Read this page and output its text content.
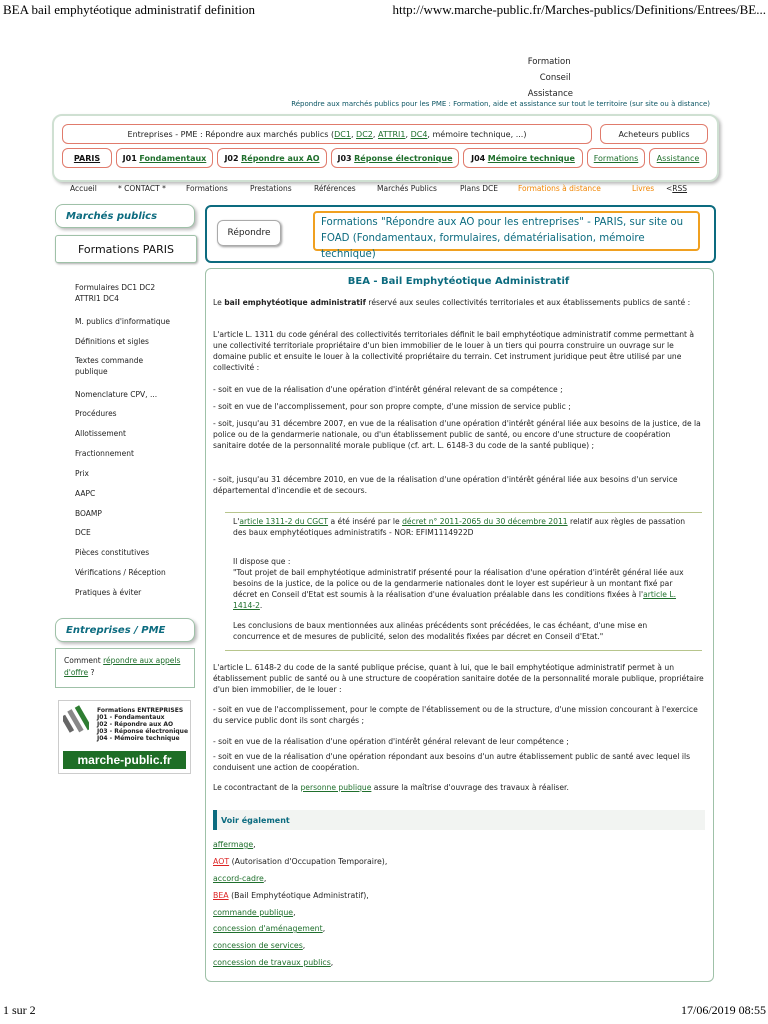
BEA bail emphytéotique administratif definition	http://www.marche-public.fr/Marches-publics/Definitions/Entrees/BE...
1 sur 2	17/06/2019 08:55
Formation
Conseil
Assistance
Répondre aux marchés publics pour les PME : Formation, aide et assistance sur tout le territoire (sur site ou à distance)
Entreprises - PME : Répondre aux marchés publics ( DC1 , DC2 , ATTRI1 , DC4 , mémoire technique, ...)	Acheteurs publics
PARIS	J01
Fondamentaux J02
Répondre aux AO J03
Réponse électronique J04
Mémoire technique Formations Assistance
Accueil	* CONTACT *	Formations	Prestations	Références	Marchés Publics	Plans DCE	Formations à distance	Livres <RSS
Marchés publics
Formations PARIS
Formulaires DC1 DC2 ATTRI1 DC4
M. publics d'informatique
Définitions et sigles
Textes commande publique
Nomenclature CPV, ...
Procédures
Allotissement
Fractionnement
Prix
AAPC
BOAMP
DCE
Pièces constitutives
Vérifications / Réception
Pratiques à éviter
Entreprises / PME
Comment répondre aux appels d'offre ?
Formations ENTREPRISES
J01 - Fondamentaux
J02 - Répondre aux AO
J03 - Réponse électronique
J04 - Mémoire technique
marche-public.fr
Répondre
Formations "Répondre aux AO pour les entreprises" - PARIS, sur site ou FOAD (Fondamentaux, formulaires, dématérialisation, mémoire technique)
BEA - Bail Emphytéotique Administratif
Le bail emphytéotique administratif réservé aux seules collectivités territoriales et aux établissements publics de santé :
L'article L. 1311 du code général des collectivités territoriales définit le bail emphytéotique administratif comme permettant à une collectivité territoriale propriétaire d'un bien immobilier de le louer à un tiers qui pourra construire un ouvrage sur le domaine public et ensuite le louer à la collectivité propriétaire du terrain. Cet instrument juridique peut être utilisé par une collectivité :
- soit en vue de la réalisation d'une opération d'intérêt général relevant de sa compétence ;
- soit en vue de l'accomplissement, pour son propre compte, d'une mission de service public ;
- soit, jusqu'au 31 décembre 2007, en vue de la réalisation d'une opération d'intérêt général liée aux besoins de la justice, de la police ou de la gendarmerie nationale, ou d'un établissement public de santé, ou encore d'une structure de coopération sanitaire dotée de la personnalité morale publique (cf. art. L. 6148-3 du code de la santé publique) ;
- soit, jusqu'au 31 décembre 2010, en vue de la réalisation d'une opération d'intérêt général liée aux besoins d'un service départemental d'incendie et de secours.
L'article 1311-2 du CGCT a été inséré par le décret n° 2011-2065 du 30 décembre 2011 relatif aux règles de passation des baux emphytéotiques administratifs - NOR: EFIM1114922D
Il dispose que :
"Tout projet de bail emphytéotique administratif présenté pour la réalisation d'une opération d'intérêt général liée aux besoins de la justice, de la police ou de la gendarmerie nationales dont le loyer est supérieur à un montant fixé par décret en Conseil d'Etat est soumis à la réalisation d'une évaluation préalable dans les conditions fixées à l'article L. 1414-2.
Les conclusions de baux mentionnées aux alinéas précédents sont précédées, le cas échéant, d'une mise en concurrence et de mesures de publicité, selon des modalités fixées par décret en Conseil d'Etat."
L'article L. 6148-2 du code de la santé publique précise, quant à lui, que le bail emphytéotique administratif permet à un établissement public de santé ou à une structure de coopération sanitaire dotée de la personnalité morale publique, propriétaire d'un bien immobilier, de le louer :
- soit en vue de l'accomplissement, pour le compte de l'établissement ou de la structure, d'une mission concourant à l'exercice du service public dont ils sont chargés ;
- soit en vue de la réalisation d'une opération d'intérêt général relevant de leur compétence ;
- soit en vue de la réalisation d'une opération répondant aux besoins d'un autre établissement public de santé avec lequel ils conduisent une action de coopération.
Le cocontractant de la personne publique assure la maîtrise d'ouvrage des travaux à réaliser.
Voir également
affermage,
AOT (Autorisation d'Occupation Temporaire),
accord-cadre,
BEA (Bail Emphytéotique Administratif),
commande publique,
concession d'aménagement,
concession de services,
concession de travaux publics,
